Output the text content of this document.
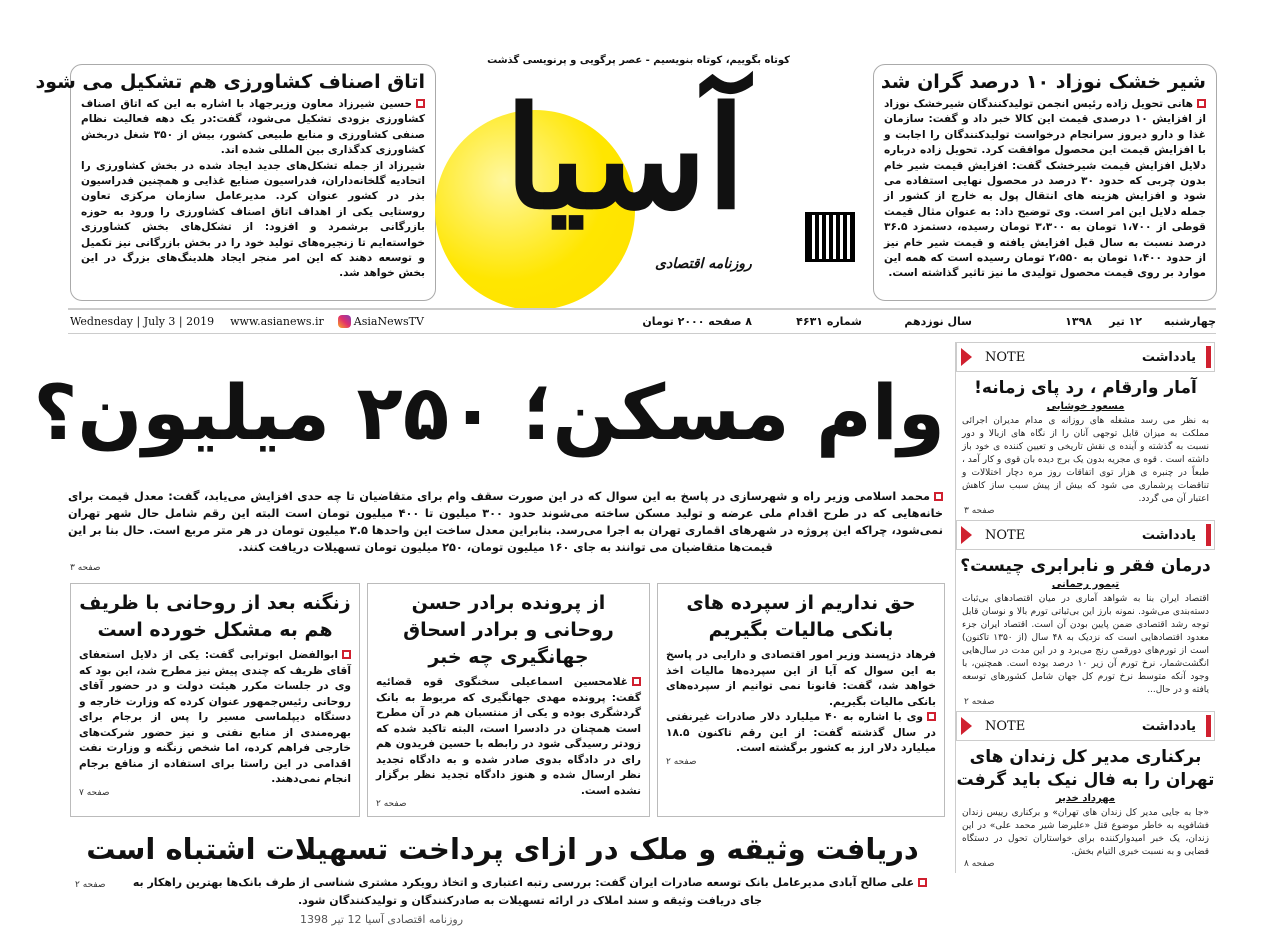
اتاق اصناف کشاورزی هم تشکیل می شود

حسین شیرزاد معاون وزیرجهاد با اشاره به این که اتاق اصناف کشاورزی بزودی تشکیل می‌شود، گفت:در یک دهه فعالیت نظام صنفی کشاورزی و منابع طبیعی کشور، بیش از ۳۵۰ شغل دربخش کشاورزی کدگذاری بین المللی شده اند.
شیرزاد از جمله تشکل‌های جدید ایجاد شده در بخش کشاورزی را اتحادیه گلخانه‌داران، فدراسیون صنایع غذایی و همچنین فدراسیون بذر در کشور عنوان کرد. مدیرعامل سازمان مرکزی تعاون روستایی یکی از اهداف اتاق اصناف کشاورزی را ورود به حوزه بازرگانی برشمرد و افزود: از تشکل‌های بخش کشاورزی خواسته‌ایم تا زنجیره‌های تولید خود را در بخش بازرگانی نیز تکمیل و توسعه دهند که این امر منجر ایجاد هلدینگ‌های بزرگ در این بخش خواهد شد.

کوتاه بگوییم، کوتاه بنویسیم - عصر پرگویی و پرنویسی گذشت
آسیا
روزنامه اقتصادی
شیر خشک نوزاد ۱۰ درصد گران شد

هانی تحویل زاده رئیس انجمن تولیدکنندگان شیرخشک نوزاد از افزایش ۱۰ درصدی قیمت این کالا خبر داد و گفت: سازمان غذا و دارو دیروز سرانجام درخواست تولیدکنندگان را اجابت و با افزایش قیمت این محصول موافقت کرد. تحویل زاده درباره دلایل افزایش قیمت شیرخشک گفت: افزایش قیمت شیر خام بدون چربی که حدود ۳۰ درصد در محصول نهایی استفاده می شود و افزایش هزینه های انتقال پول به خارج از کشور از جمله دلایل این امر است. وی توضیح داد: به عنوان مثال قیمت قوطی از ۱،۷۰۰ تومان به ۳،۳۰۰ تومان رسیده، دستمزد ۳۶.۵ درصد نسبت به سال قبل افزایش یافته و قیمت شیر خام نیز از حدود ۱،۴۰۰ تومان به ۲،۵۵۰ تومان رسیده است که همه این موارد بر روی قیمت محصول تولیدی ما نیز تاثیر گذاشته است.

Wednesday | July 3 | 2019 www.asianews.ir	AsiaNewsTV	چهارشنبه
۱۲ تیر
۱۳۹۸
سال نوزدهم
شماره ۴۶۳۱
۸ صفحه ۲۰۰۰ تومان
وام مسکن؛ ۲۵۰ میلیون؟
محمد اسلامی وزیر راه و شهرسازی در پاسخ به این سوال که در این صورت سقف وام برای متقاضیان تا چه حدی افزایش می‌یابد، گفت: معدل قیمت برای خانه‌هایی که در طرح اقدام ملی عرضه و تولید مسکن ساخته می‌شوند حدود ۳۰۰ میلیون تا ۴۰۰ میلیون تومان است البته این رقم شامل حال شهر تهران نمی‌شود، چراکه این پروژه در شهرهای اقماری تهران به اجرا می‌رسد. بنابراین معدل ساخت این واحدها ۳.۵ میلیون تومان در هر متر مربع است. حال بنا بر این قیمت‌ها متقاضیان می توانند به جای ۱۶۰ میلیون تومان، ۲۵۰ میلیون تومان تسهیلات دریافت کنند.
صفحه ۳
حق نداریم از سپرده های بانکی مالیات بگیریم

فرهاد دژپسند وزیر امور اقتصادی و دارایی در پاسخ به این سوال که آیا از این سپرده‌ها مالیات اخذ خواهد شد، گفت: قانونا نمی توانیم از سپرده‌های بانکی مالیات بگیریم.
وی با اشاره به ۴۰ میلیارد دلار صادرات غیرنفتی در سال گذشته گفت: از این رقم تاکنون ۱۸.۵ میلیارد دلار ارز به کشور برگشته است.

صفحه ۲
از پرونده برادر حسن روحانی و برادر اسحاق جهانگیری چه خبر

غلامحسین اسماعیلی سخنگوی قوه قضائیه گفت: پرونده مهدی جهانگیری که مربوط به بانک گردشگری بوده و یکی از منتسبان هم در آن مطرح است همچنان در دادسرا است، البته تاکید شده که زودتر رسیدگی شود در رابطه با حسین فریدون هم رای در دادگاه بدوی صادر شده و به دادگاه تجدید نظر ارسال شده و هنوز دادگاه تجدید نظر برگزار نشده است.

صفحه ۲
زنگنه بعد از روحانی با ظریف هم به مشکل خورده است

ابوالفضل ابوترابی گفت: یکی از دلایل استعفای آقای ظریف که چندی پیش نیز مطرح شد، این بود که وی در جلسات مکرر هیئت دولت و در حضور آقای روحانی رئیس‌جمهور عنوان کرده که وزارت خارجه و دستگاه دیپلماسی مسیر را پس از برجام برای بهره‌مندی از منابع نفتی و نیز حضور شرکت‌های خارجی فراهم کرده، اما شخص زنگنه و وزارت نفت اقدامی در این راستا برای استفاده از منافع برجام انجام نمی‌دهند.

صفحه ۷
دریافت وثیقه و ملک در ازای پرداخت تسهیلات اشتباه است
علی صالح آبادی مدیرعامل بانک توسعه صادرات ایران گفت: بررسی رتبه اعتباری و اتخاذ رویکرد مشتری شناسی از طرف بانک‌ها بهترین راهکار به جای دریافت وثیقه و سند املاک در ارائه تسهیلات به صادرکنندگان و تولیدکنندگان شود.
صفحه ۲
روزنامه اقتصادی آسیا 12 تیر 1398
NOTE	یادداشت
آمار وارقام ، رد پای زمانه!
مسعود خوشابی

به نظر می رسد مشغله های روزانه ی مدام مدیران اجرائی مملکت به میزان قابل توجهی آنان را از نگاه های ازبالا و دور نسبت به گذشته و آینده ی نقش تاریخی و تعیین کننده ی خود باز داشته است . قوه ی مجریه بدون یک برج دیده بان قوی و کار آمد ، طبعاً در چنبره ی هزار توی اتفاقات روز مره دچار اختلالات و تناقضات پرشماری می شود که بیش از پیش سبب ساز کاهش اعتبار آن می گردد.

صفحه ۳
NOTE	یادداشت
درمان فقر و نابرابری چیست؟
تیمور رحمانی

اقتصاد ایران بنا به شواهد آماری در میان اقتصادهای بی‌ثبات دسته‌بندی می‌شود. نمونه بارز این بی‌ثباتی تورم بالا و نوسان قابل توجه رشد اقتصادی ضمن پایین بودن آن است. اقتصاد ایران جزء معدود اقتصادهایی است که نزدیک به ۴۸ سال (از ۱۳۵۰ تاکنون) است از تورم‌های دورقمی رنج می‌برد و در این مدت در سال‌هایی انگشت‌شمار، نرخ تورم آن زیر ۱۰ درصد بوده است. همچنین، با وجود آنکه متوسط نرخ تورم کل جهان شامل کشورهای توسعه یافته و در حال...

صفحه ۲
NOTE	یادداشت
برکناری مدیر کل زندان های تهران را به فال نیک باید گرفت
مهرداد خدیر

«جا به جایی مدیر کل زندان های تهران» و برکناری رییس زندان فشافویه به خاطر موضوع قتل «علیرضا شیر محمد علی» در این زندان، یک خبر امیدوارکننده برای خواستاران تحول در دستگاه قضایی و به نسبت خبری التیام بخش.

صفحه ۸
